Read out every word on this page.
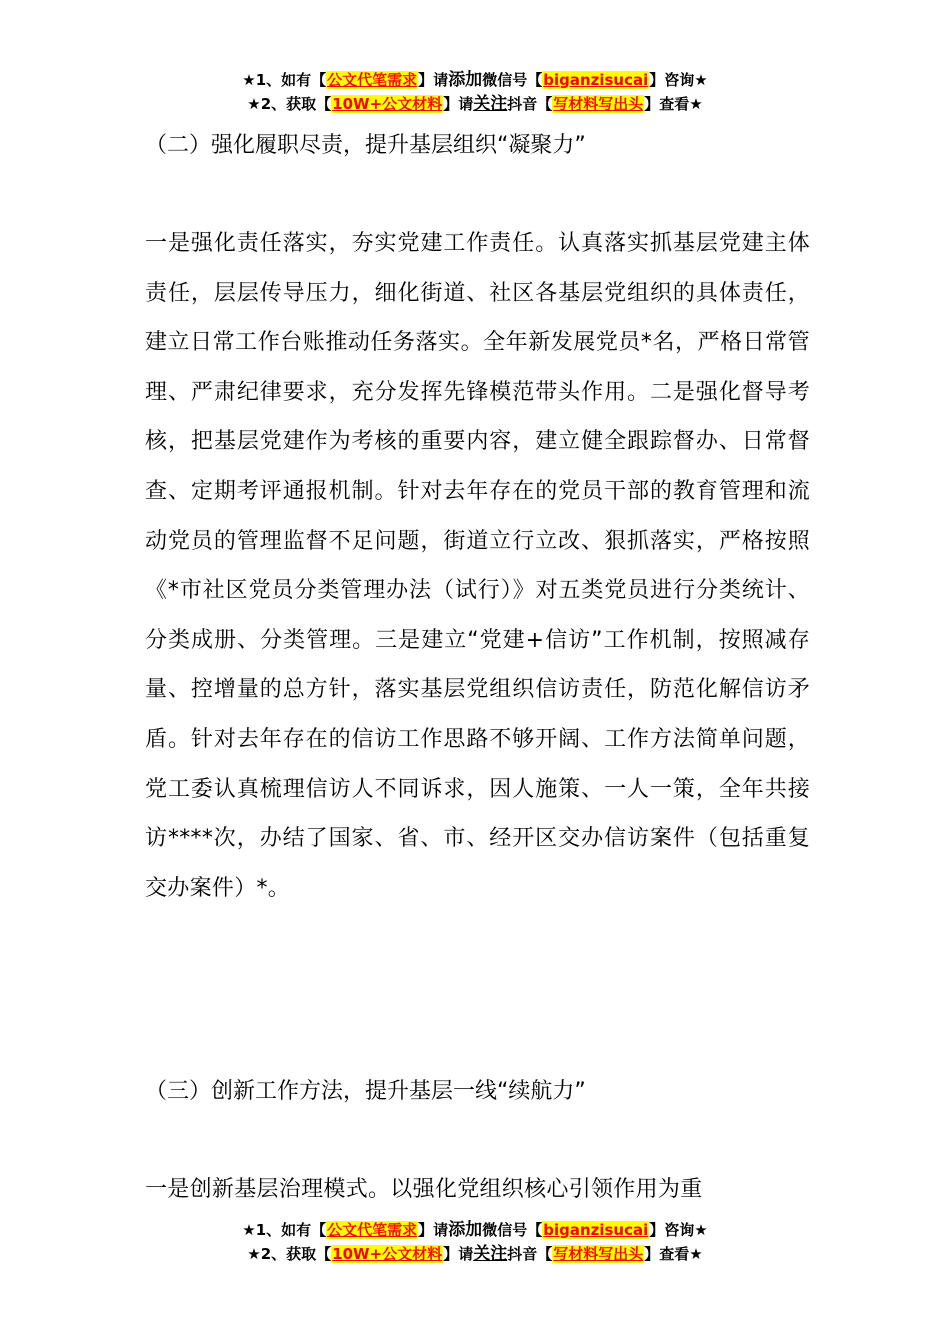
★1、如有【公文代笔需求】请添加微信号【biganzisucai】咨询★
★2、获取【10W+公文材料】请关注抖音【写材料写出头】查看★
（二）强化履职尽责，提升基层组织“凝聚力”

一是强化责任落实，夯实党建工作责任。认真落实抓基层党建主体责任，层层传导压力，细化街道、社区各基层党组织的具体责任，建立日常工作台账推动任务落实。全年新发展党员*名，严格日常管理、严肃纪律要求，充分发挥先锋模范带头作用。二是强化督导考核，把基层党建作为考核的重要内容，建立健全跟踪督办、日常督查、定期考评通报机制。针对去年存在的党员干部的教育管理和流动党员的管理监督不足问题，街道立行立改、狠抓落实，严格按照《*市社区党员分类管理办法（试行）》对五类党员进行分类统计、分类成册、分类管理。三是建立“党建+信访”工作机制，按照减存量、控增量的总方针，落实基层党组织信访责任，防范化解信访矛盾。针对去年存在的信访工作思路不够开阔、工作方法简单问题，党工委认真梳理信访人不同诉求，因人施策、一人一策，全年共接访****次，办结了国家、省、市、经开区交办信访案件（包括重复交办案件）*。

（三）创新工作方法，提升基层一线“续航力”

一是创新基层治理模式。以强化党组织核心引领作用为重

★1、如有【公文代笔需求】请添加微信号【biganzisucai】咨询★
★2、获取【10W+公文材料】请关注抖音【写材料写出头】查看★
